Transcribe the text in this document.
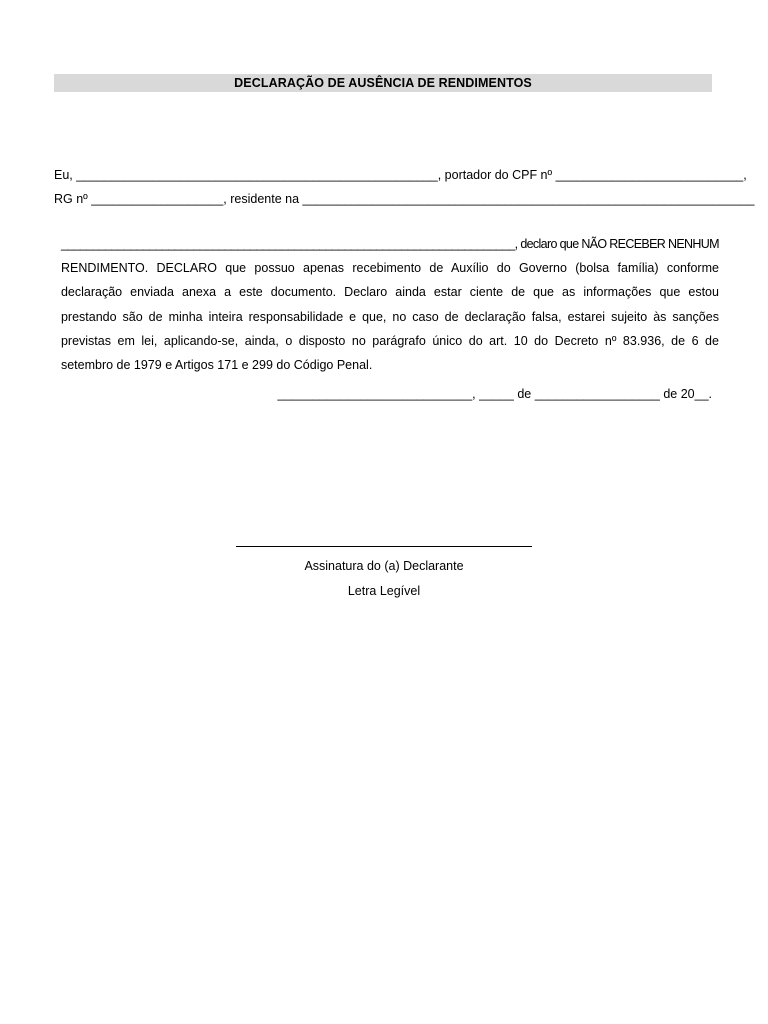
DECLARAÇÃO DE AUSÊNCIA DE RENDIMENTOS
Eu, ____________________________________________________, portador do CPF nº ___________________________,
RG nº ___________________, residente na _________________________________________________________________

________________________________________________________________________, declaro que NÃO RECEBER NENHUM

RENDIMENTO. DECLARO que possuo apenas recebimento de Auxílio do Governo (bolsa família) conforme

declaração enviada anexa a este documento. Declaro ainda estar ciente de que as informações que estou

prestando são de minha inteira responsabilidade e que, no caso de declaração falsa, estarei sujeito às sanções

previstas em lei, aplicando-se, ainda, o disposto no parágrafo único do art. 10 do Decreto nº 83.936, de 6 de

setembro de 1979 e Artigos 171 e 299 do Código Penal.

____________________________, _____ de __________________ de 20__.
Assinatura do (a) Declarante
Letra Legível
